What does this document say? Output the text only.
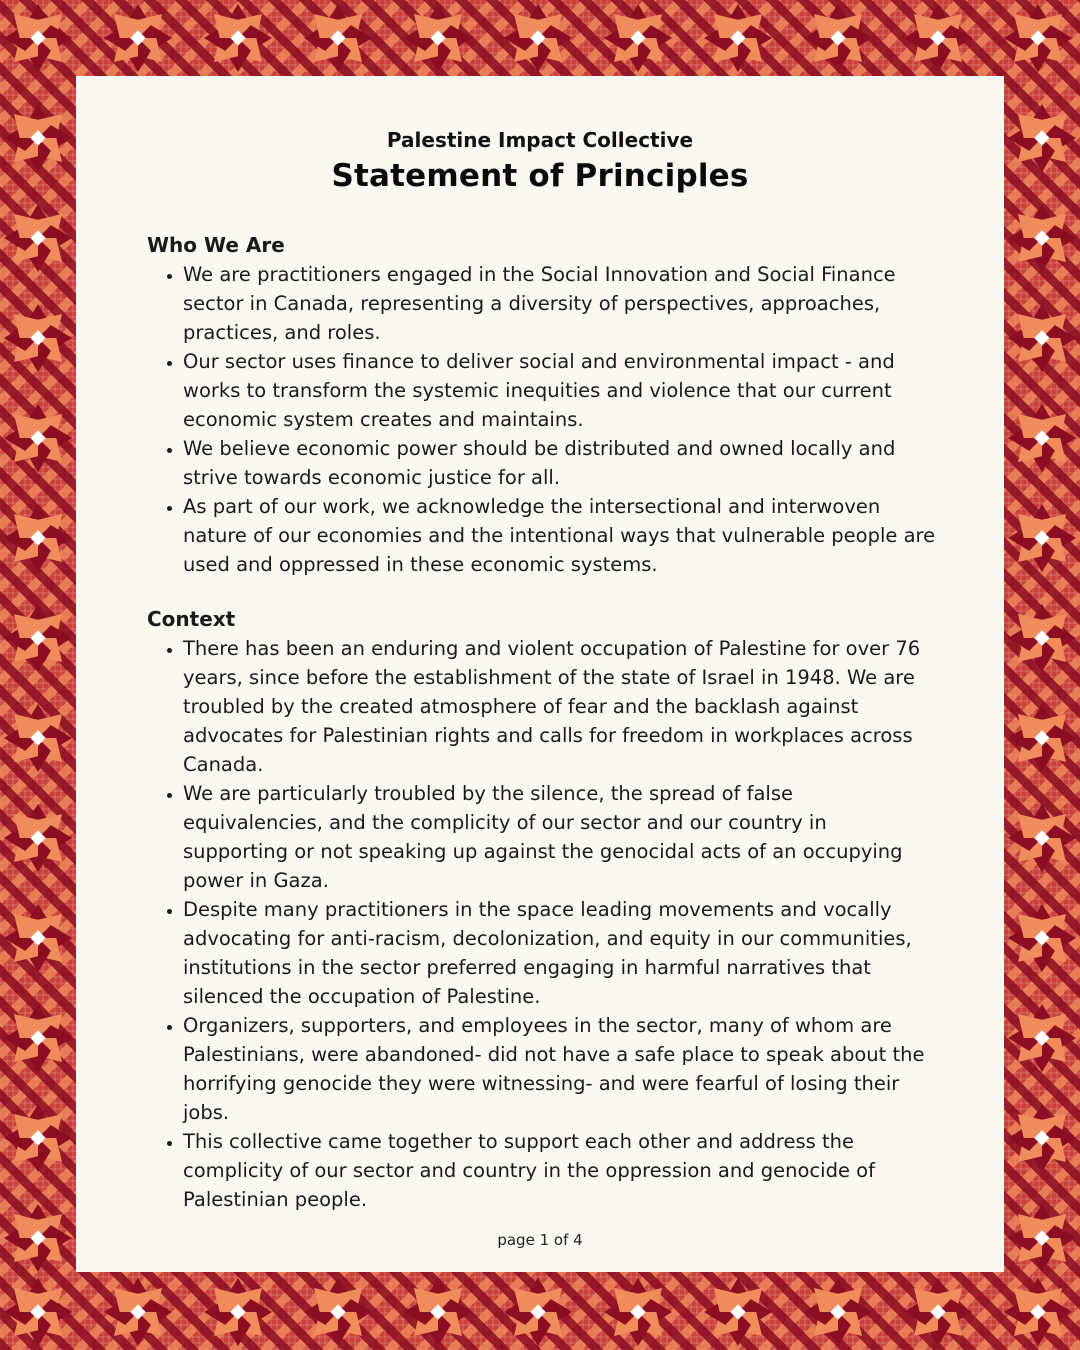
Palestine Impact Collective
Statement of Principles
Who We Are
• We are practitioners engaged in the Social Innovation and Social Finance sector in Canada, representing a diversity of perspectives, approaches, practices, and roles.
• Our sector uses finance to deliver social and environmental impact - and works to transform the systemic inequities and violence that our current economic system creates and maintains.
• We believe economic power should be distributed and owned locally and strive towards economic justice for all.
• As part of our work, we acknowledge the intersectional and interwoven nature of our economies and the intentional ways that vulnerable people are used and oppressed in these economic systems.
Context
• There has been an enduring and violent occupation of Palestine for over 76 years, since before the establishment of the state of Israel in 1948. We are troubled by the created atmosphere of fear and the backlash against advocates for Palestinian rights and calls for freedom in workplaces across Canada.
• We are particularly troubled by the silence, the spread of false equivalencies, and the complicity of our sector and our country in supporting or not speaking up against the genocidal acts of an occupying power in Gaza.
• Despite many practitioners in the space leading movements and vocally advocating for anti-racism, decolonization, and equity in our communities, institutions in the sector preferred engaging in harmful narratives that silenced the occupation of Palestine.
• Organizers, supporters, and employees in the sector, many of whom are Palestinians, were abandoned- did not have a safe place to speak about the horrifying genocide they were witnessing- and were fearful of losing their jobs.
• This collective came together to support each other and address the complicity of our sector and country in the oppression and genocide of Palestinian people.
page 1 of 4
